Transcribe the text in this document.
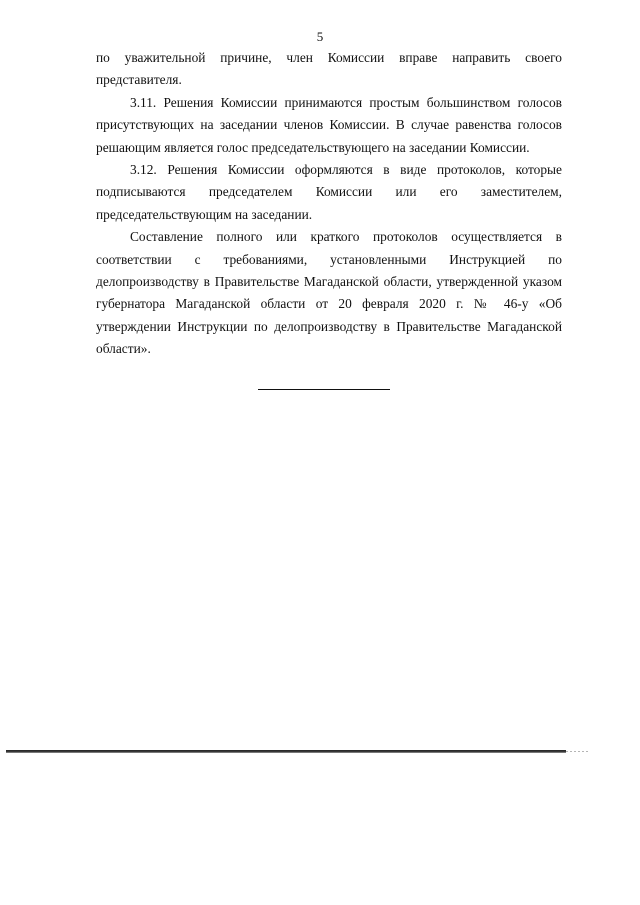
5

по уважительной причине, член Комиссии вправе направить своего представителя.

3.11. Решения Комиссии принимаются простым большинством голосов присутствующих на заседании членов Комиссии. В случае равенства голосов решающим является голос председательствующего на заседании Комиссии.

3.12. Решения Комиссии оформляются в виде протоколов, которые подписываются председателем Комиссии или его заместителем, председательствующим на заседании.

Составление полного или краткого протоколов осуществляется в соответствии с требованиями, установленными Инструкцией по делопроизводству в Правительстве Магаданской области, утвержденной указом губернатора Магаданской области от 20 февраля 2020 г. № 46-у «Об утверждении Инструкции по делопроизводству в Правительстве Магаданской области».
